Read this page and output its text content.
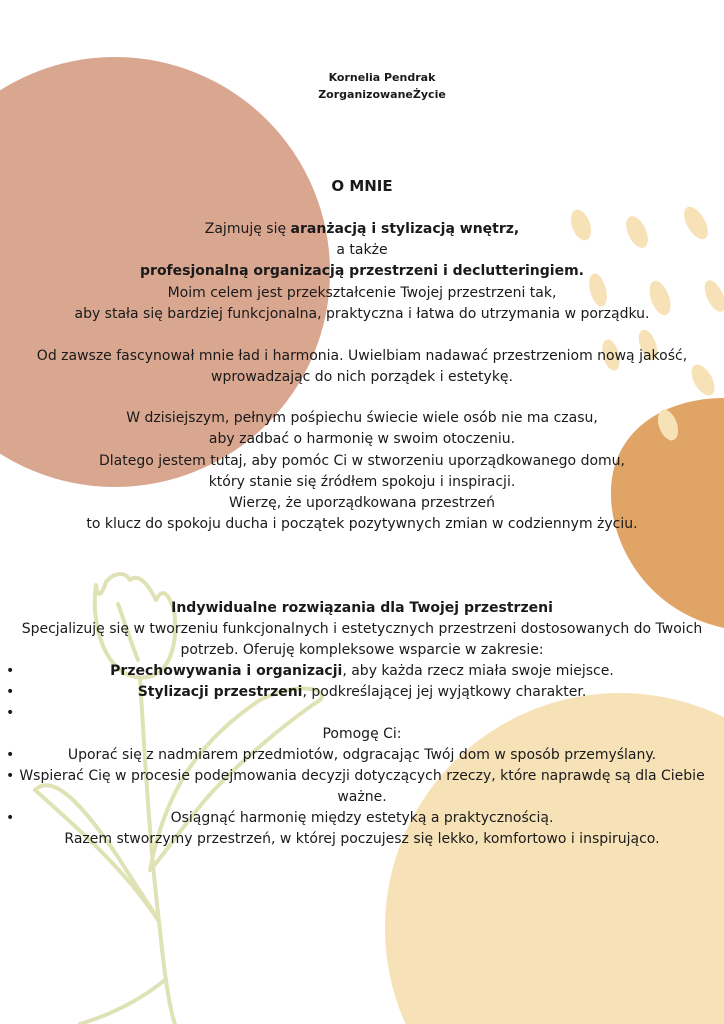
Kornelia Pendrak
ZorganizowaneŻycie
O MNIE
Zajmuję się aranżacją i stylizacją wnętrz,
a także
profesjonalną organizacją przestrzeni i declutteringiem.
Moim celem jest przekształcenie Twojej przestrzeni tak,
aby stała się bardziej funkcjonalna, praktyczna i łatwa do utrzymania w porządku.
Od zawsze fascynował mnie ład i harmonia. Uwielbiam nadawać przestrzeniom nową jakość,
wprowadzając do nich porządek i estetykę.
W dzisiejszym, pełnym pośpiechu świecie wiele osób nie ma czasu,
aby zadbać o harmonię w swoim otoczeniu.
Dlatego jestem tutaj, aby pomóc Ci w stworzeniu uporządkowanego domu,
który stanie się źródłem spokoju i inspiracji.
Wierzę, że uporządkowana przestrzeń
to klucz do spokoju ducha i początek pozytywnych zmian w codziennym życiu.
Indywidualne rozwiązania dla Twojej przestrzeni
Specjalizuję się w tworzeniu funkcjonalnych i estetycznych przestrzeni dostosowanych do Twoich
potrzeb. Oferuję kompleksowe wsparcie w zakresie:
•	Przechowywania i organizacji, aby każda rzecz miała swoje miejsce.
•	Stylizacji przestrzeni, podkreślającej jej wyjątkowy charakter.
•
Pomogę Ci:
•	Uporać się z nadmiarem przedmiotów, odgracając Twój dom w sposób przemyślany.
• Wspierać Cię w procesie podejmowania decyzji dotyczących rzeczy, które naprawdę są dla Ciebie
ważne.
•	Osiągnąć harmonię między estetyką a praktycznością.
Razem stworzymy przestrzeń, w której poczujesz się lekko, komfortowo i inspirująco.
